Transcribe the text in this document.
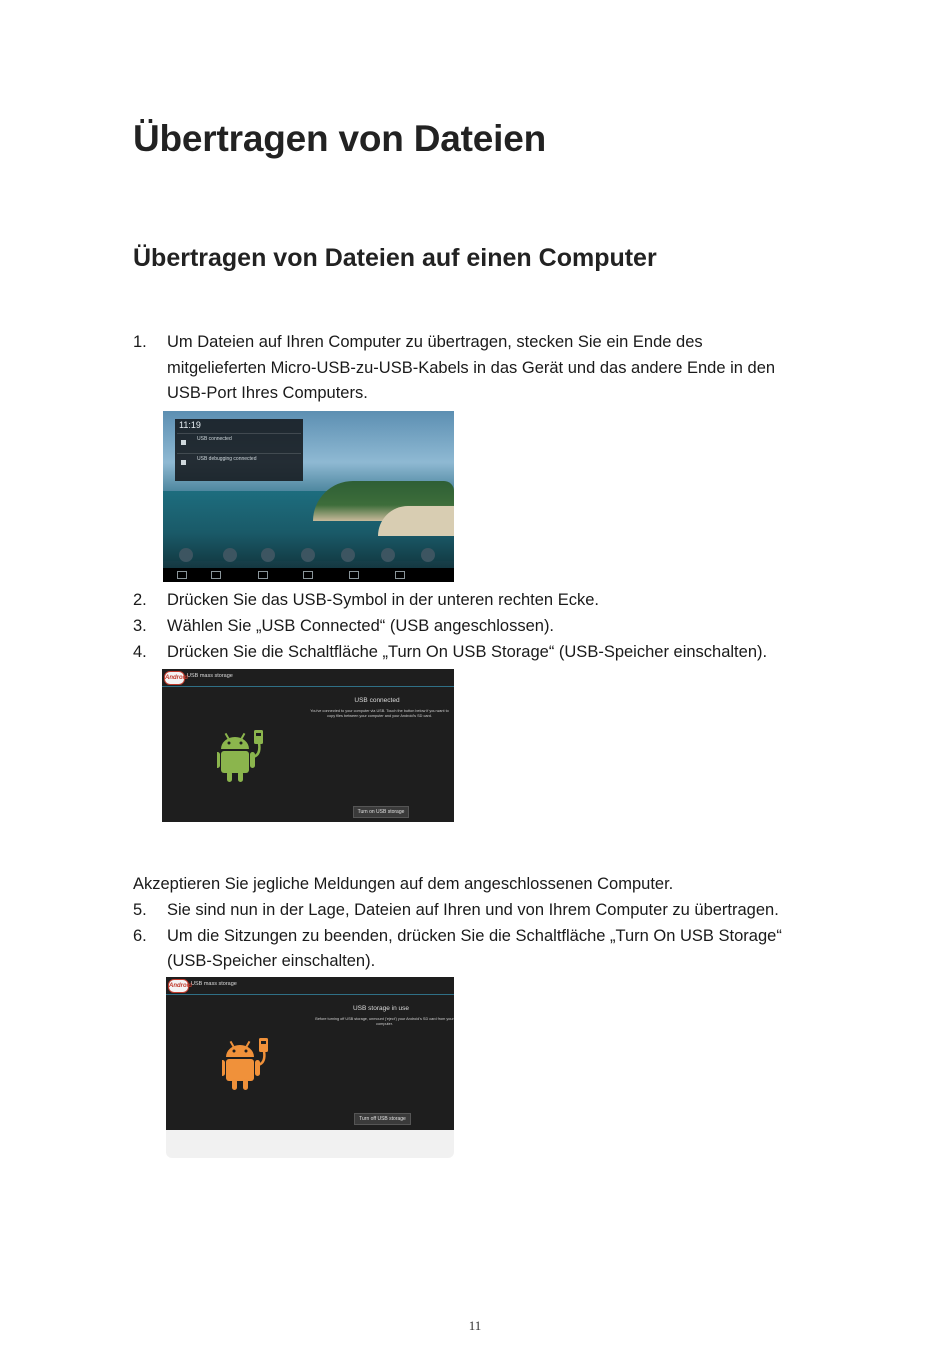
Übertragen von Dateien
Übertragen von Dateien auf einen Computer
1. Um Dateien auf Ihren Computer zu übertragen, stecken Sie ein Ende des
mitgelieferten Micro-USB-zu-USB-Kabels in das Gerät und das andere Ende in den
USB-Port Ihres Computers.
11:19
USB connected
USB debugging connected
2. Drücken Sie das USB-Symbol in der unteren rechten Ecke.
3. Wählen Sie „USB Connected“ (USB angeschlossen).
4. Drücken Sie die Schaltfläche „Turn On USB Storage“ (USB-Speicher einschalten).
Android USB mass storage
USB connected
You've connected to your computer via USB. Touch the button below if you want to copy files between your computer and your Android's SD card.
Turn on USB storage
Akzeptieren Sie jegliche Meldungen auf dem angeschlossenen Computer.
5. Sie sind nun in der Lage, Dateien auf Ihren und von Ihrem Computer zu übertragen.
6. Um die Sitzungen zu beenden, drücken Sie die Schaltfläche „Turn On USB Storage“
(USB-Speicher einschalten).
Android USB mass storage
USB storage in use
Before turning off USB storage, unmount ('eject') your Android's SD card from your computer.
Turn off USB storage
11
